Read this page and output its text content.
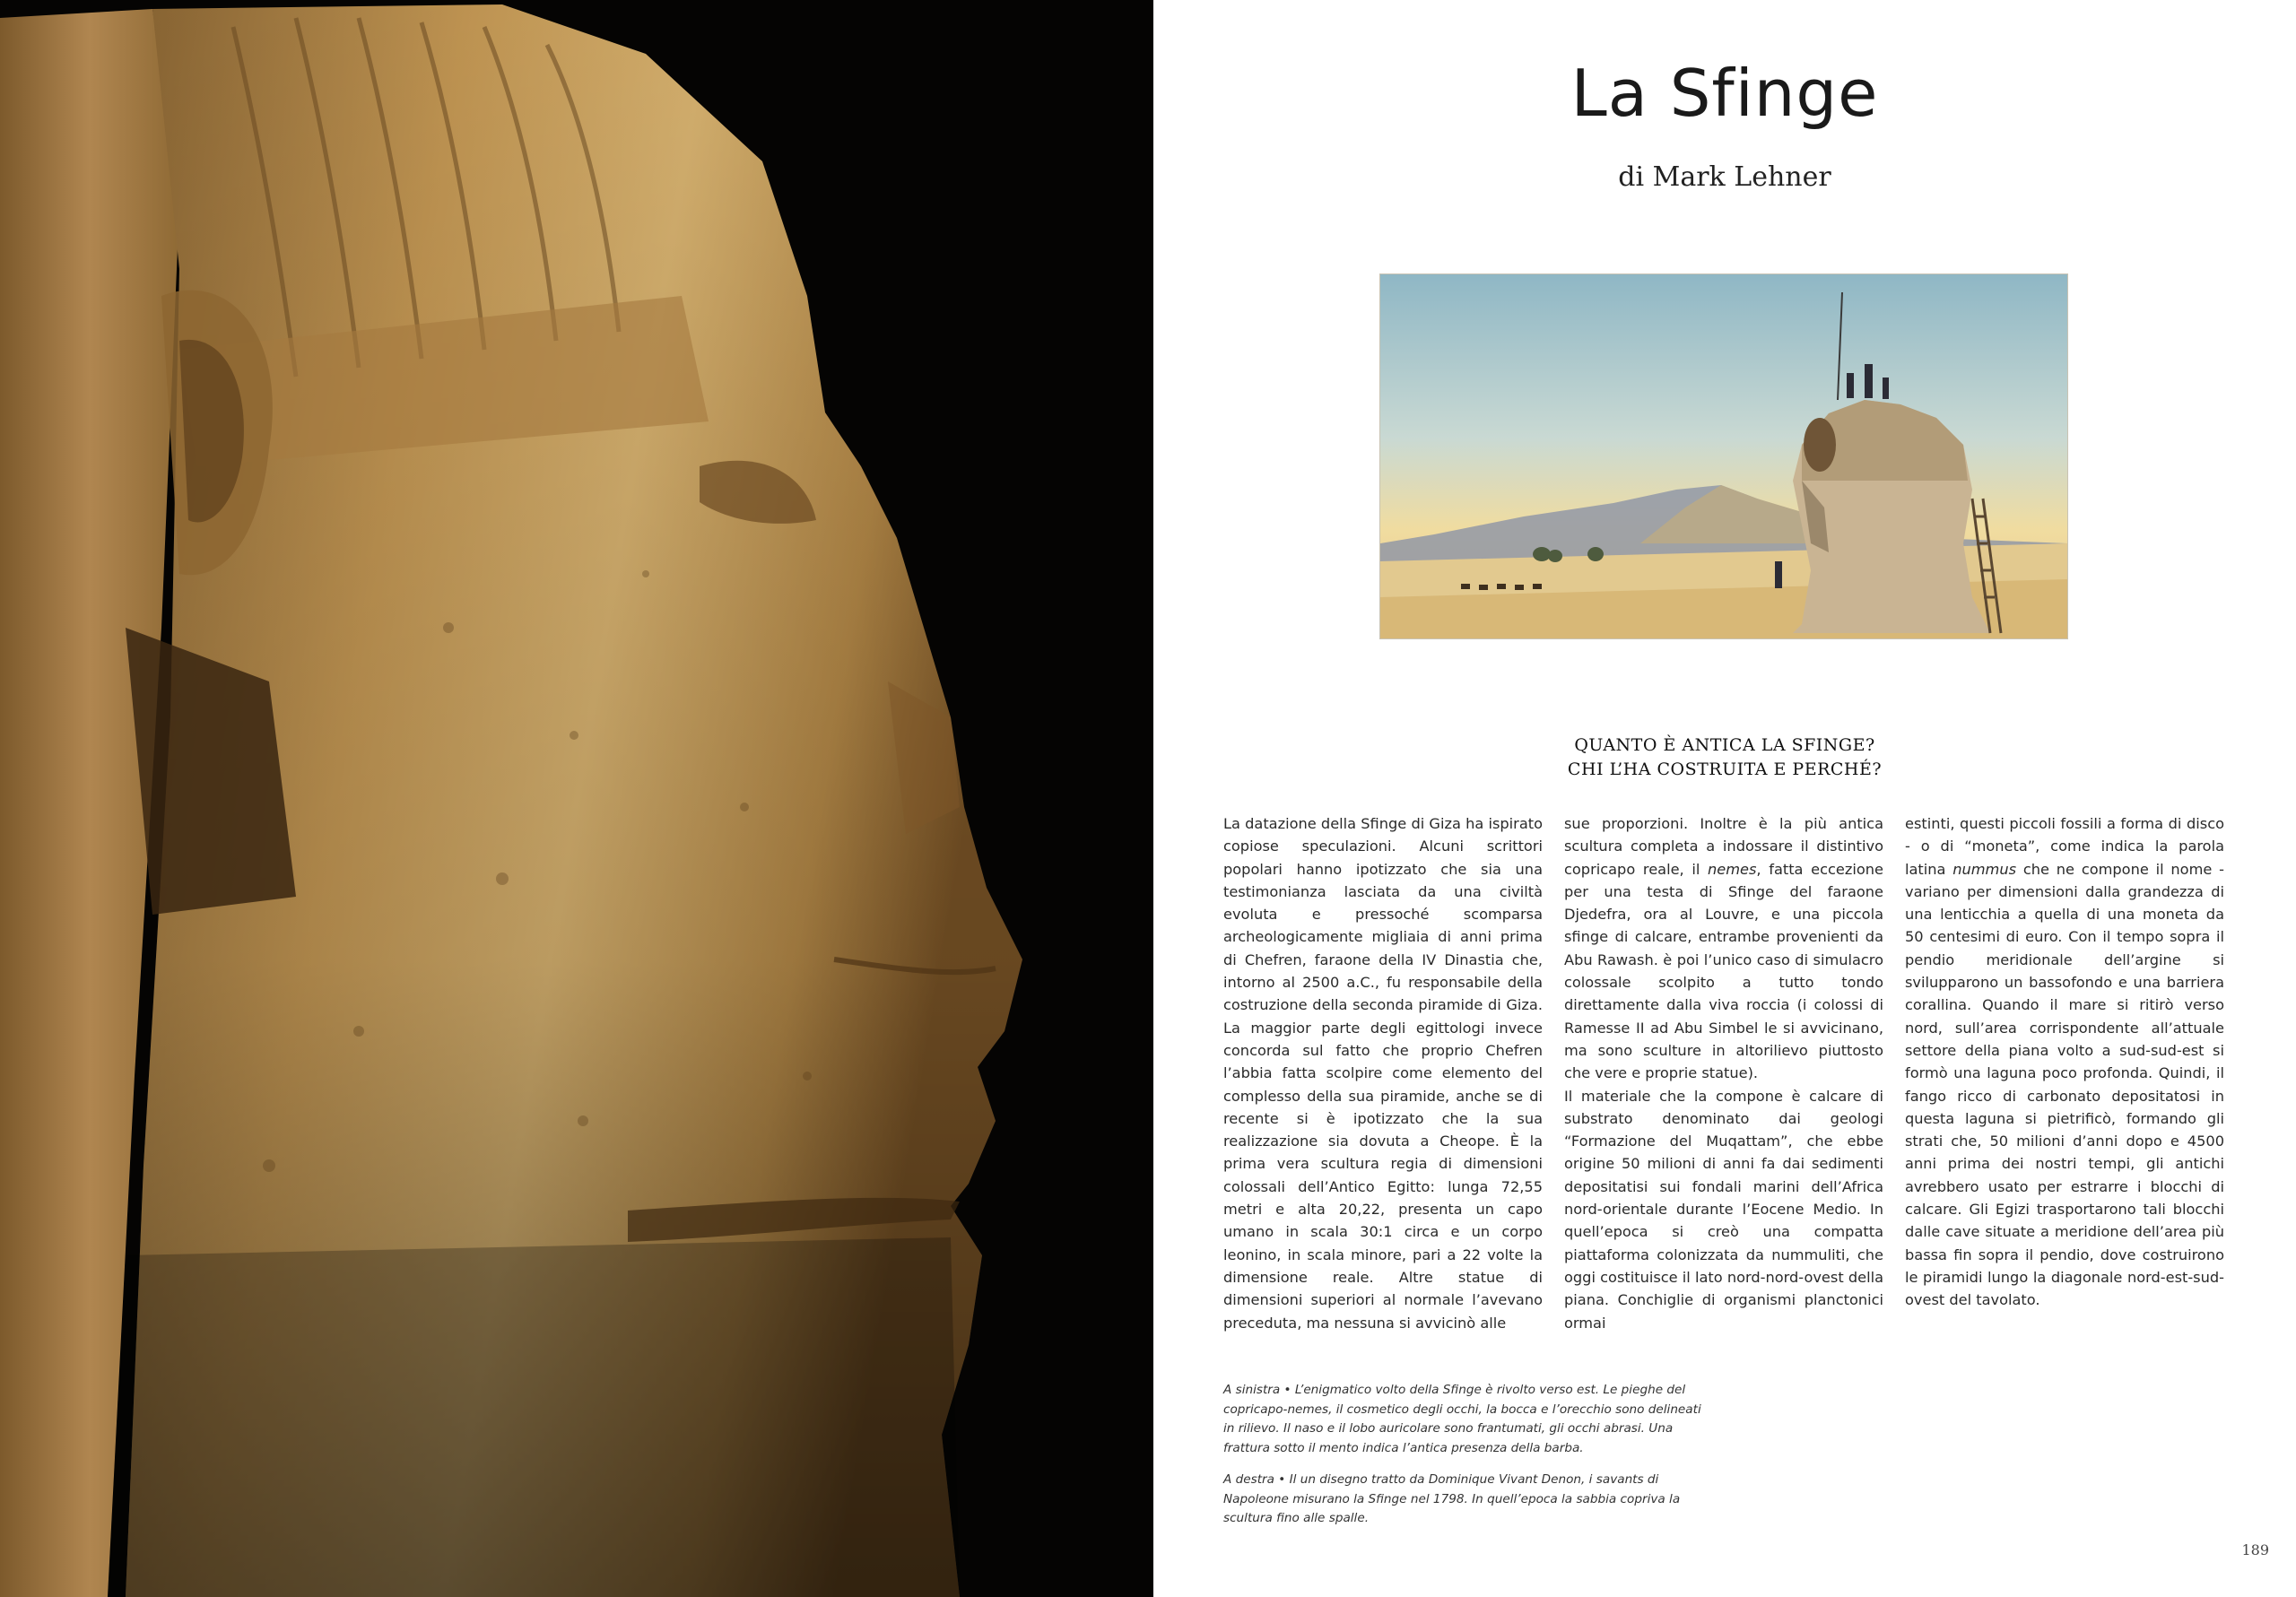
La Sfinge
di Mark Lehner
QUANTO È ANTICA LA SFINGE?
CHI L’HA COSTRUITA E PERCHÉ?

La datazione della Sfinge di Giza ha ispirato copiose speculazioni. Alcuni scrittori popolari hanno ipotizzato che sia una testimonianza lasciata da una civiltà evoluta e pressoché scomparsa archeologicamente migliaia di anni prima di Chefren, faraone della IV Dinastia che, intorno al 2500 a.C., fu responsabile della costruzione della seconda piramide di Giza. La maggior parte degli egittologi invece concorda sul fatto che proprio Chefren l’abbia fatta scolpire come elemento del complesso della sua piramide, anche se di recente si è ipotizzato che la sua realizzazione sia dovuta a Cheope. È la prima vera scultura regia di dimensioni colossali dell’Antico Egitto: lunga 72,55 metri e alta 20,22, presenta un capo umano in scala 30:1 circa e un corpo leonino, in scala minore, pari a 22 volte la dimensione reale. Altre statue di dimensioni superiori al normale l’avevano preceduta, ma nessuna si avvicinò alle

sue proporzioni. Inoltre è la più antica scultura completa a indossare il distintivo copricapo reale, il nemes, fatta eccezione per una testa di Sfinge del faraone Djedefra, ora al Louvre, e una piccola sfinge di calcare, entrambe provenienti da Abu Rawash. è poi l’unico caso di simulacro colossale scolpito a tutto tondo direttamente dalla viva roccia (i colossi di Ramesse II ad Abu Simbel le si avvicinano, ma sono sculture in altorilievo piuttosto che vere e proprie statue).

Il materiale che la compone è calcare di substrato denominato dai geologi “Formazione del Muqattam”, che ebbe origine 50 milioni di anni fa dai sedimenti depositatisi sui fondali marini dell’Africa nord-orientale durante l’Eocene Medio. In quell’epoca si creò una compatta piattaforma colonizzata da nummuliti, che oggi costituisce il lato nord-nord-ovest della piana. Conchiglie di organismi planctonici ormai

estinti, questi piccoli fossili a forma di disco - o di “moneta”, come indica la parola latina nummus che ne compone il nome - variano per dimensioni dalla grandezza di una lenticchia a quella di una moneta da 50 centesimi di euro. Con il tempo sopra il pendio meridionale dell’argine si svilupparono un bassofondo e una barriera corallina. Quando il mare si ritirò verso nord, sull’area corrispondente all’attuale settore della piana volto a sud-sud-est si formò una laguna poco profonda. Quindi, il fango ricco di carbonato depositatosi in questa laguna si pietrificò, formando gli strati che, 50 milioni d’anni dopo e 4500 anni prima dei nostri tempi, gli antichi avrebbero usato per estrarre i blocchi di calcare. Gli Egizi trasportarono tali blocchi dalle cave situate a meridione dell’area più bassa fin sopra il pendio, dove costruirono le piramidi lungo la diagonale nord-est-sud-ovest del tavolato.

A sinistra • L’enigmatico volto della Sfinge è rivolto verso est. Le pieghe del copricapo-nemes, il cosmetico degli occhi, la bocca e l’orecchio sono delineati in rilievo. Il naso e il lobo auricolare sono frantumati, gli occhi abrasi. Una frattura sotto il mento indica l’antica presenza della barba.

A destra • Il un disegno tratto da Dominique Vivant Denon, i savants di Napoleone misurano la Sfinge nel 1798. In quell’epoca la sabbia copriva la scultura fino alle spalle.

189
